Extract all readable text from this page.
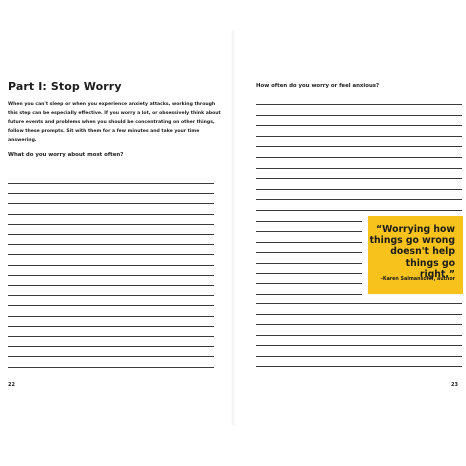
Part I: Stop Worry

When you can't sleep or when you experience anxiety attacks, working through this step can be especially effective. If you worry a lot, or obsessively think about future events and problems when you should be concentrating on other things, follow these prompts. Sit with them for a few minutes and take your time answering.

What do you worry about most often?

22

How often do you worry or feel anxious?

“Worrying how things go wrong doesn't help things go right.”

–Karen Salmansohn, author

23
